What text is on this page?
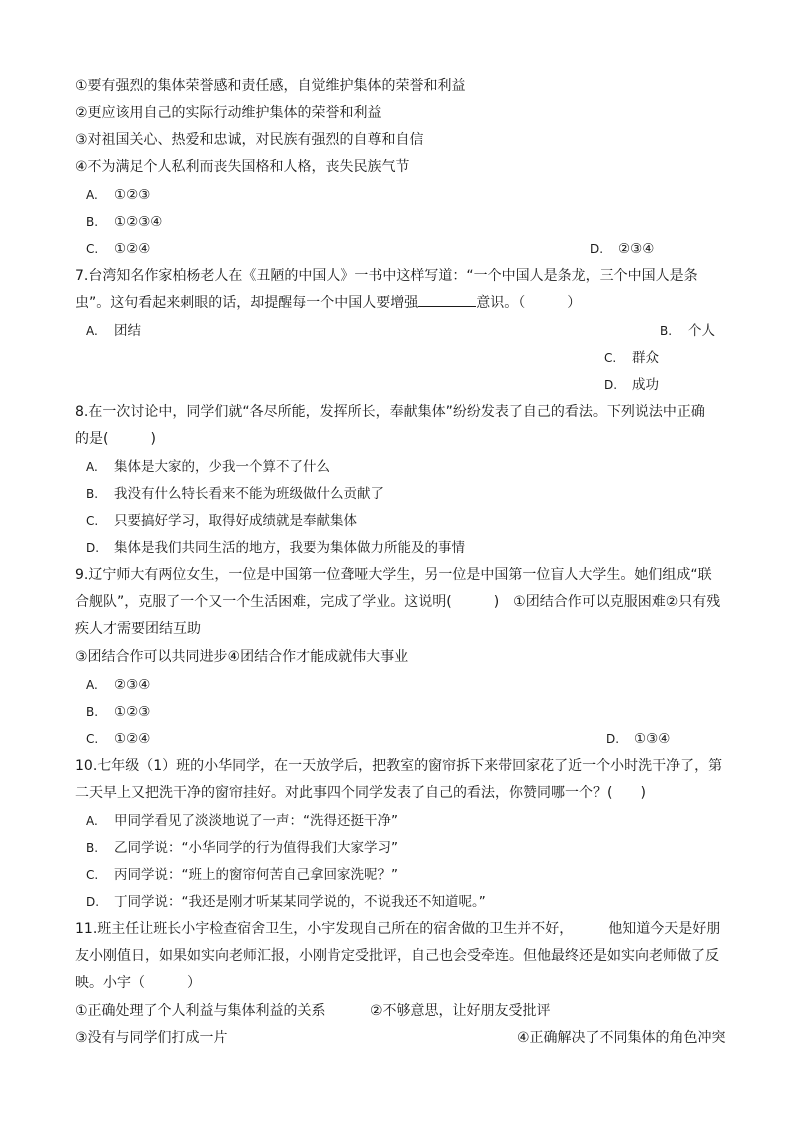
①要有强烈的集体荣誉感和责任感，自觉维护集体的荣誉和利益
②更应该用自己的实际行动维护集体的荣誉和利益
③对祖国关心、热爱和忠诚，对民族有强烈的自尊和自信
④不为满足个人私利而丧失国格和人格，丧失民族气节
A. ①②③
B. ①②③④
C. ①②④	D. ②③④
7.台湾知名作家柏杨老人在《丑陋的中国人》一书中这样写道：“一个中国人是条龙，三个中国人是条
虫”。这句看起来刺眼的话，却提醒每一个中国人要增强	意识。（　　　）
A. 团结	B. 个人
C. 群众
D. 成功
8.在一次讨论中，同学们就“各尽所能，发挥所长，奉献集体”纷纷发表了自己的看法。下列说法中正确
的是(　　　)
A. 集体是大家的，少我一个算不了什么
B. 我没有什么特长看来不能为班级做什么贡献了
C. 只要搞好学习，取得好成绩就是奉献集体
D. 集体是我们共同生活的地方，我要为集体做力所能及的事情
9.辽宁师大有两位女生，一位是中国第一位聋哑大学生，另一位是中国第一位盲人大学生。她们组成“联
合舰队”，克服了一个又一个生活困难，完成了学业。这说明(　　　)　①团结合作可以克服困难②只有残
疾人才需要团结互助
③团结合作可以共同进步④团结合作才能成就伟大事业
A. ②③④
B. ①②③
C. ①②④	D. ①③④
10.七年级（1）班的小华同学，在一天放学后，把教室的窗帘拆下来带回家花了近一个小时洗干净了，第
二天早上又把洗干净的窗帘挂好。对此事四个同学发表了自己的看法，你赞同哪一个？(　　)
A. 甲同学看见了淡淡地说了一声：“洗得还挺干净”
B. 乙同学说：“小华同学的行为值得我们大家学习”
C. 丙同学说：“班上的窗帘何苦自己拿回家洗呢？”
D. 丁同学说：“我还是刚才听某某同学说的，不说我还不知道呢。”
11.班主任让班长小宇检查宿舍卫生，小宇发现自己所在的宿舍做的卫生并不好，　　　他知道今天是好朋
友小刚值日，如果如实向老师汇报，小刚肯定受批评，自己也会受牵连。但他最终还是如实向老师做了反
映。小宇（　　　）
①正确处理了个人利益与集体利益的关系	②不够意思，让好朋友受批评
③没有与同学们打成一片	④正确解决了不同集体的角色冲突
